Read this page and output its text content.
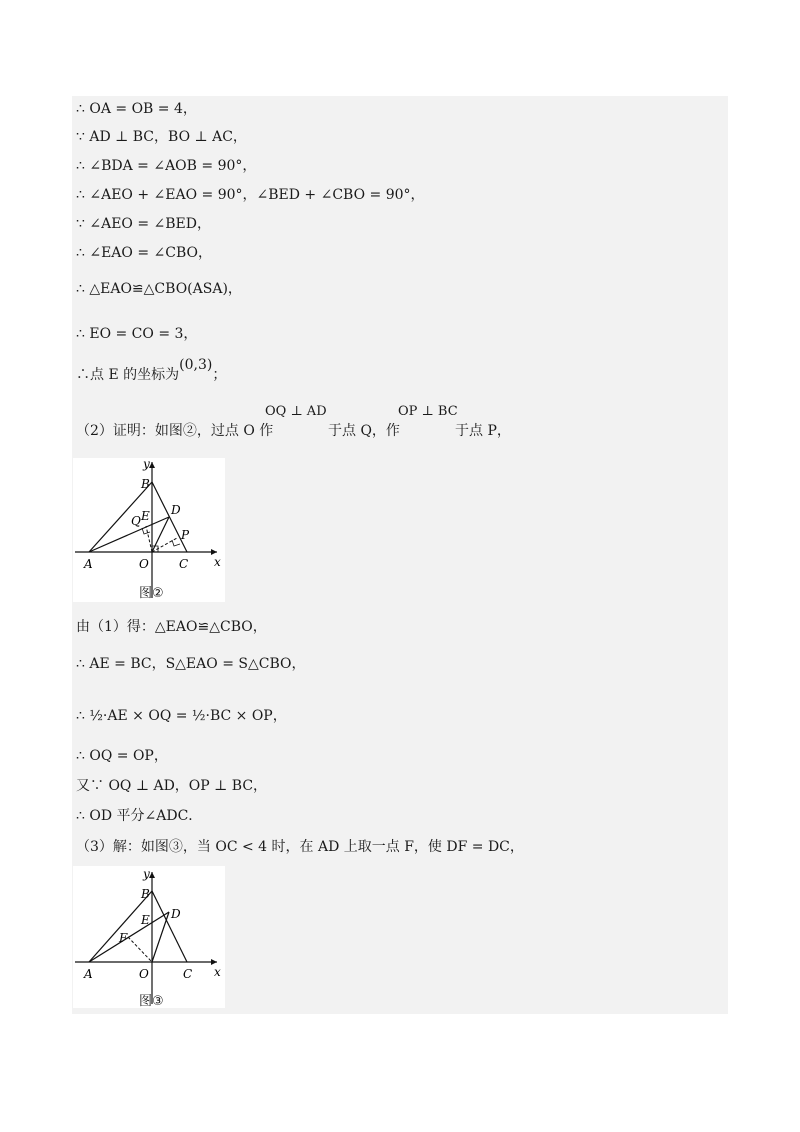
∴ OA = OB = 4，
∵ AD ⊥ BC，BO ⊥ AC，
∴ ∠BDA = ∠AOB = 90°，
∴ ∠AEO + ∠EAO = 90°，∠BED + ∠CBO = 90°，
∵ ∠AEO = ∠BED，
∴ ∠EAO = ∠CBO，
∴ △EAO≌△CBO(ASA)，
∴ EO = CO = 3，
∴点 E 的坐标为(0,3)；
（2）证明：如图②，过点 O 作
OQ ⊥ AD
于点 Q，作
OP ⊥ BC
于点 P，
y
x
B
D
Q E
P
A	O	C
图②
由（1）得：△EAO≌△CBO，
∴ AE = BC，S△EAO = S△CBO，
∴ ½·AE × OQ = ½·BC × OP，
∴ OQ = OP，
又∵ OQ ⊥ AD，OP ⊥ BC，
∴ OD 平分∠ADC．
（3）解：如图③，当 OC < 4 时，在 AD 上取一点 F，使 DF = DC，
y
x
B
D
E
F
A	O	C
图③
